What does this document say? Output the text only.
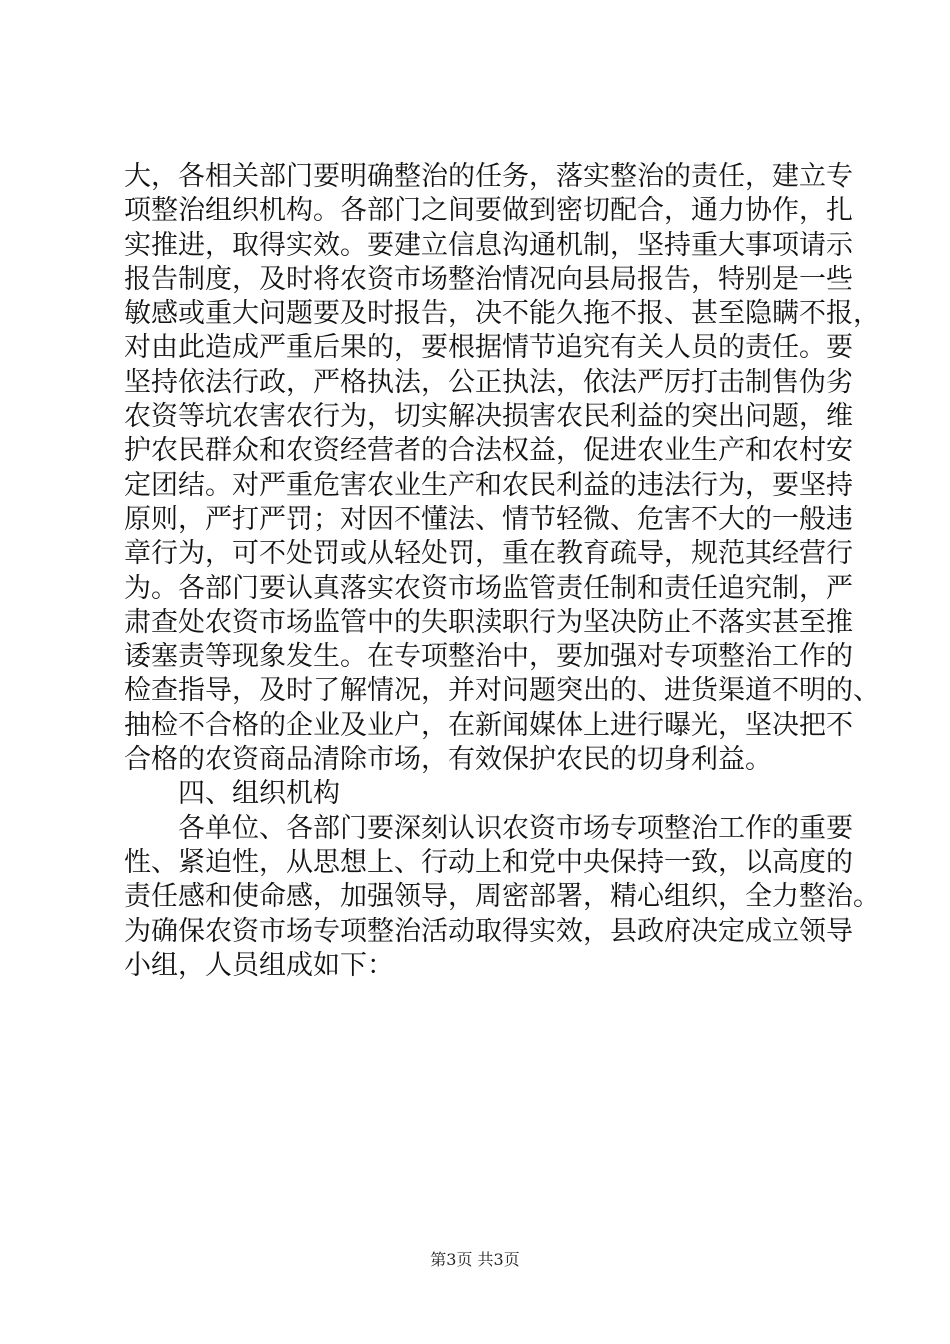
大，各相关部门要明确整治的任务，落实整治的责任，建立专
项整治组织机构。各部门之间要做到密切配合，通力协作，扎
实推进，取得实效。要建立信息沟通机制，坚持重大事项请示
报告制度，及时将农资市场整治情况向县局报告，特别是一些
敏感或重大问题要及时报告，决不能久拖不报、甚至隐瞒不报，
对由此造成严重后果的，要根据情节追究有关人员的责任。要
坚持依法行政，严格执法，公正执法，依法严厉打击制售伪劣
农资等坑农害农行为，切实解决损害农民利益的突出问题，维
护农民群众和农资经营者的合法权益，促进农业生产和农村安
定团结。对严重危害农业生产和农民利益的违法行为，要坚持
原则，严打严罚；对因不懂法、情节轻微、危害不大的一般违
章行为，可不处罚或从轻处罚，重在教育疏导，规范其经营行
为。各部门要认真落实农资市场监管责任制和责任追究制，严
肃查处农资市场监管中的失职渎职行为坚决防止不落实甚至推
诿塞责等现象发生。在专项整治中，要加强对专项整治工作的
检查指导，及时了解情况，并对问题突出的、进货渠道不明的、
抽检不合格的企业及业户，在新闻媒体上进行曝光，坚决把不
合格的农资商品清除市场，有效保护农民的切身利益。
四、组织机构
各单位、各部门要深刻认识农资市场专项整治工作的重要
性、紧迫性，从思想上、行动上和党中央保持一致，以高度的
责任感和使命感，加强领导，周密部署，精心组织，全力整治。
为确保农资市场专项整治活动取得实效，县政府决定成立领导
小组，人员组成如下：
第3页 共3页
